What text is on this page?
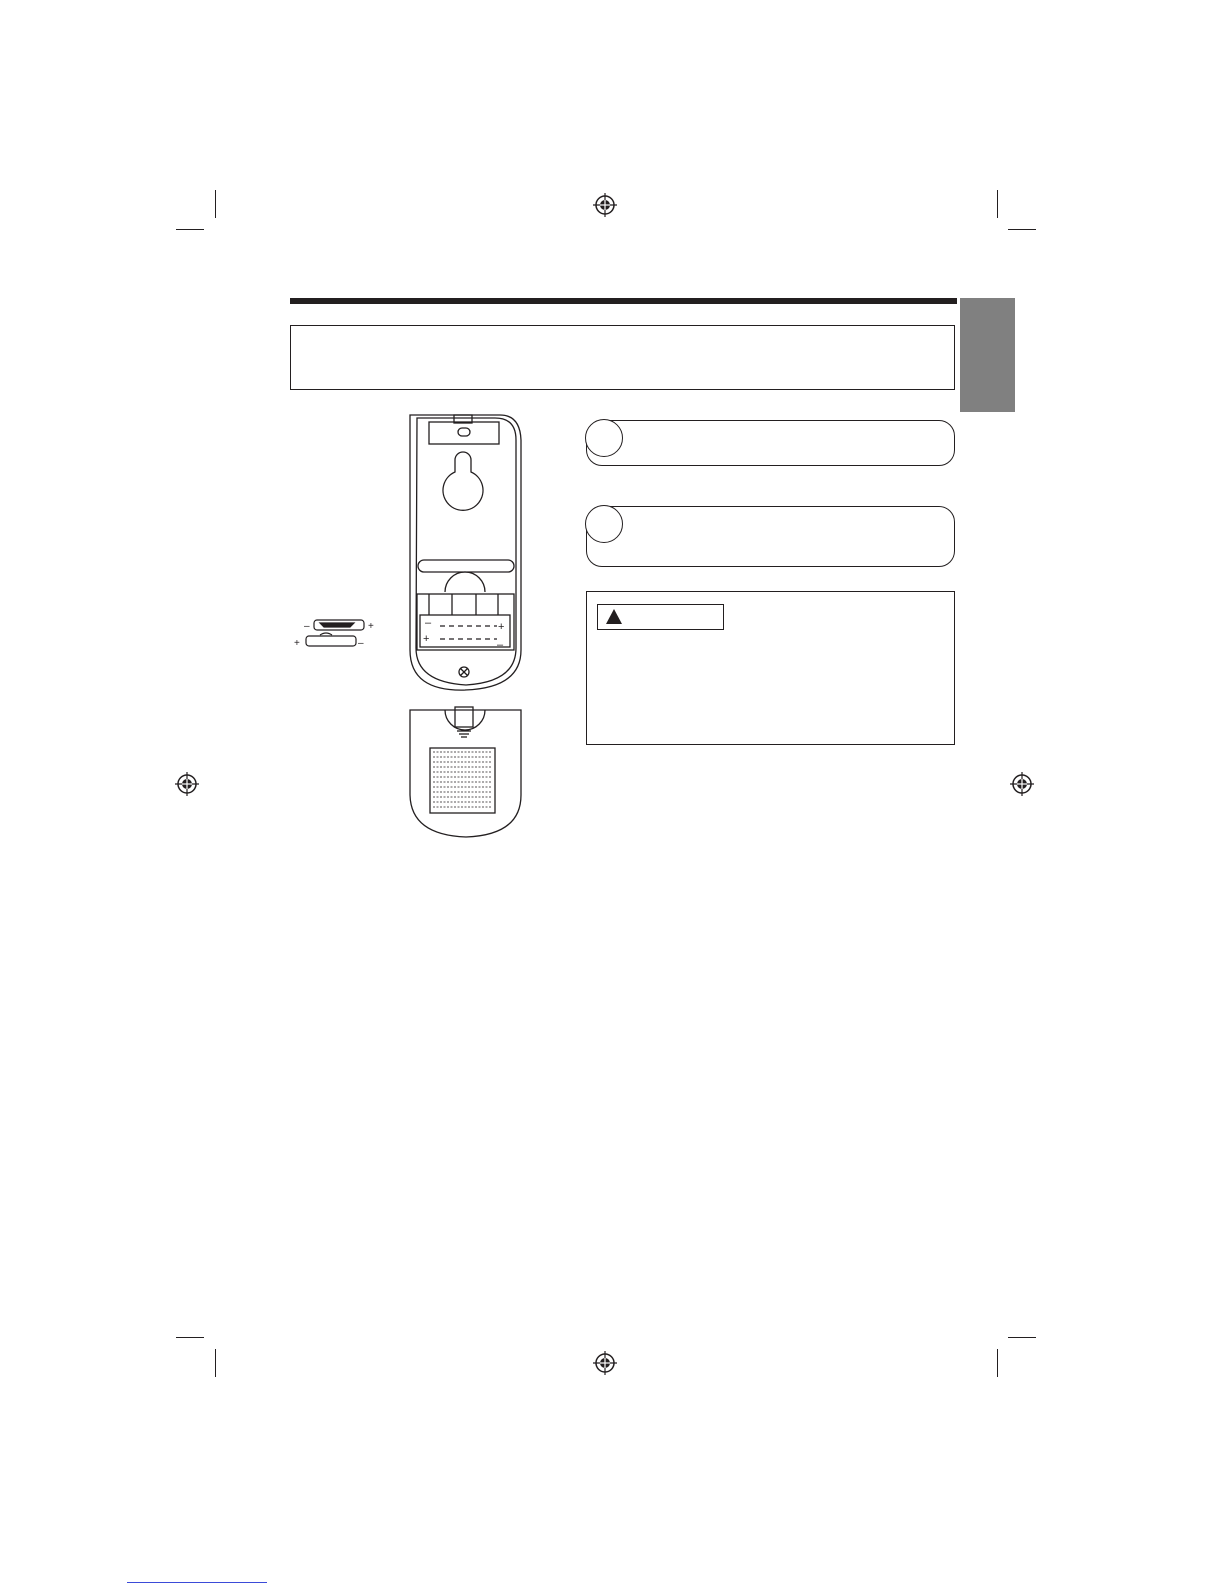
–	+
+	–
–	+
+	–
